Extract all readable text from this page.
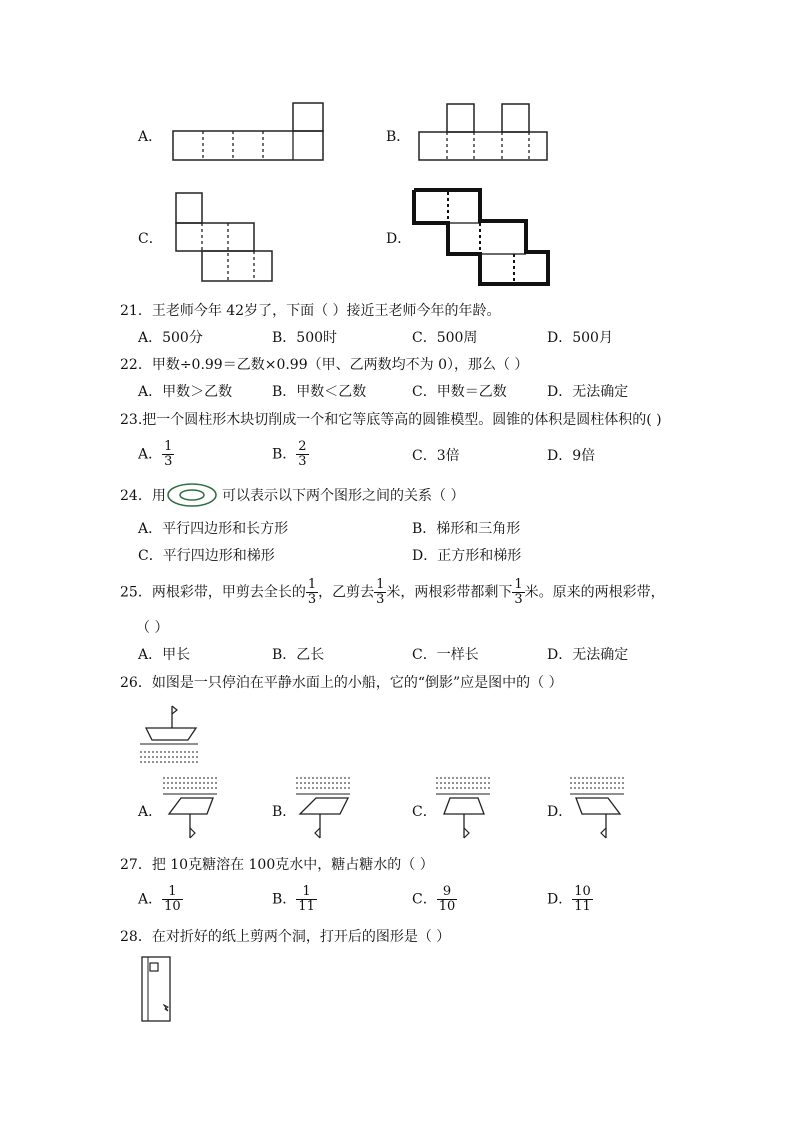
A．	B．
C．	D．
21．王老师今年 42岁了，下面（ ）接近王老师今年的年龄。
A．500分	B．500时	C．500周	D．500月
22．甲数÷0.99＝乙数×0.99（甲、乙两数均不为 0），那么（ ）
A．甲数＞乙数	B．甲数＜乙数	C．甲数＝乙数	D．无法确定
23.把一个圆柱形木块切削成一个和它等底等高的圆锥模型。圆锥的体积是圆柱体积的( )
A． $\frac{1}{3}$	B． $\frac{2}{3}$	C．3倍	D．9倍
24．用	可以表示以下两个图形之间的关系（ ）
A．平行四边形和长方形	B．梯形和三角形
C．平行四边形和梯形	D．正方形和梯形
25．两根彩带，甲剪去全长的 $\frac{1}{3}$ ，乙剪去 $\frac{1}{3}$ 米，两根彩带都剩下 $\frac{1}{3}$ 米。原来的两根彩带，
（ ）
A．甲长	B．乙长	C．一样长	D．无法确定
26．如图是一只停泊在平静水面上的小船，它的“倒影”应是图中的（ ）
A．	B．	C．	D．
27．把 10克糖溶在 100克水中，糖占糖水的（ ）
A． $\frac{1}{10}$	B． $\frac{1}{11}$	C． $\frac{9}{10}$	D． $\frac{10}{11}$
28．在对折好的纸上剪两个洞，打开后的图形是（ ）
